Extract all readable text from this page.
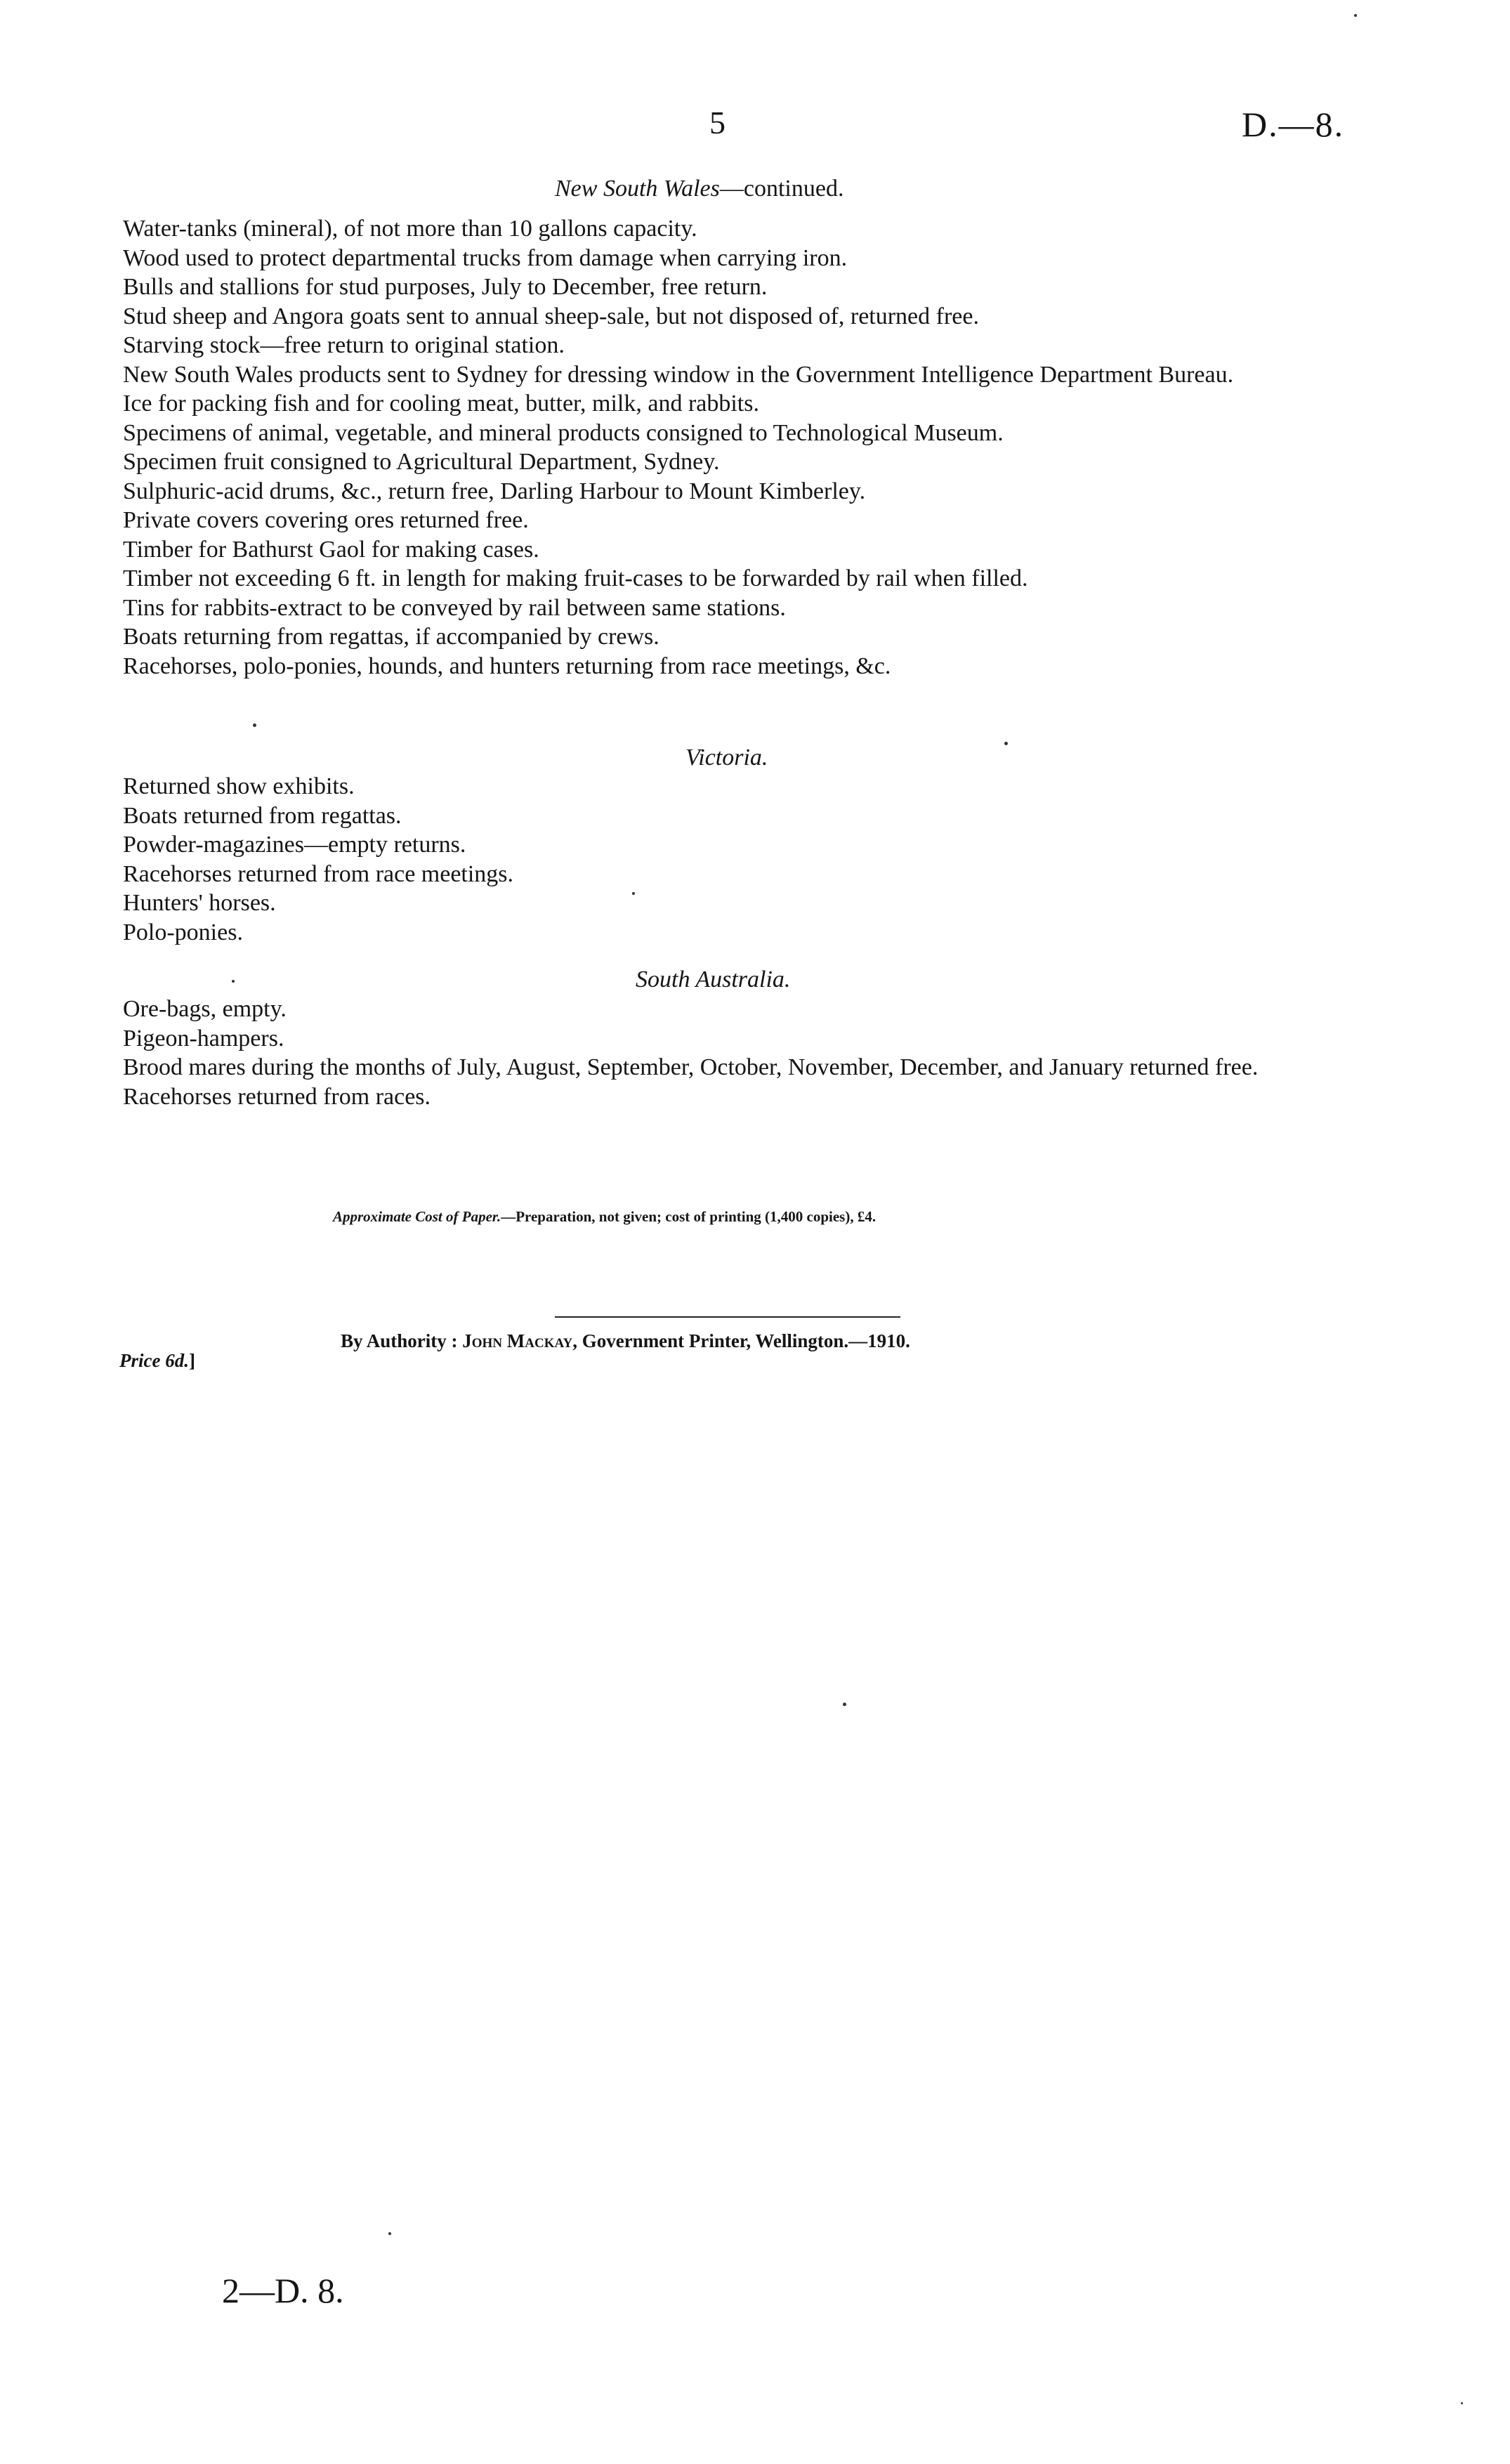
5	D.—8.
New South Wales—continued.
Water-tanks (mineral), of not more than 10 gallons capacity.
Wood used to protect departmental trucks from damage when carrying iron.
Bulls and stallions for stud purposes, July to December, free return.
Stud sheep and Angora goats sent to annual sheep-sale, but not disposed of, returned free.
Starving stock—free return to original station.
New South Wales products sent to Sydney for dressing window in the Government Intelligence Department Bureau.
Ice for packing fish and for cooling meat, butter, milk, and rabbits.
Specimens of animal, vegetable, and mineral products consigned to Technological Museum.
Specimen fruit consigned to Agricultural Department, Sydney.
Sulphuric-acid drums, &c., return free, Darling Harbour to Mount Kimberley.
Private covers covering ores returned free.
Timber for Bathurst Gaol for making cases.
Timber not exceeding 6 ft. in length for making fruit-cases to be forwarded by rail when filled.
Tins for rabbits-extract to be conveyed by rail between same stations.
Boats returning from regattas, if accompanied by crews.
Racehorses, polo-ponies, hounds, and hunters returning from race meetings, &c.
Victoria.
Returned show exhibits.
Boats returned from regattas.
Powder-magazines—empty returns.
Racehorses returned from race meetings.
Hunters' horses.
Polo-ponies.
South Australia.
Ore-bags, empty.
Pigeon-hampers.
Brood mares during the months of July, August, September, October, November, December, and January returned free.
Racehorses returned from races.
Approximate Cost of Paper.—Preparation, not given; cost of printing (1,400 copies), £4.
By Authority : John Mackay, Government Printer, Wellington.—1910.
Price 6d.]
2—D. 8.
